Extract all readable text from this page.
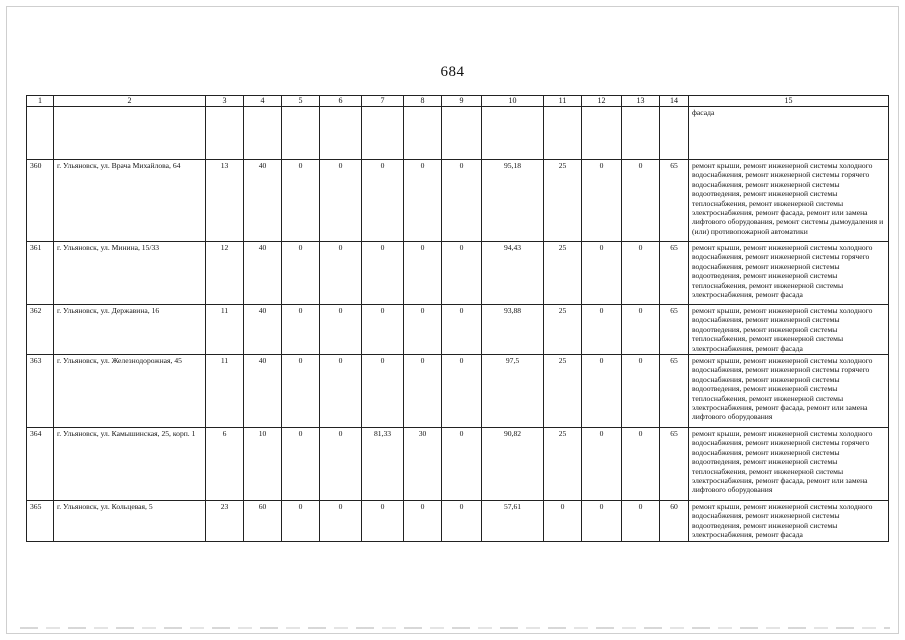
684
1	2	3	4	5	6	7	8	9	10	11	12	13	14	15
														фасада
360	г. Ульяновск, ул. Врача Михайлова, 64	13	40	0	0	0	0	0	95,18	25	0	0	65	ремонт крыши, ремонт инженерной системы холодного водоснабжения, ремонт инженерной системы горячего водоснабжения, ремонт инженерной системы водоотведения, ремонт инженерной системы теплоснабжения, ремонт инженерной системы электроснабжения, ремонт фасада, ремонт или замена лифтового оборудования, ремонт системы дымоудаления и (или) противопожарной автоматики
361	г. Ульяновск, ул. Минина, 15/33	12	40	0	0	0	0	0	94,43	25	0	0	65	ремонт крыши, ремонт инженерной системы холодного водоснабжения, ремонт инженерной системы горячего водоснабжения, ремонт инженерной системы водоотведения, ремонт инженерной системы теплоснабжения, ремонт инженерной системы электроснабжения, ремонт фасада
362	г. Ульяновск, ул. Державина, 16	11	40	0	0	0	0	0	93,88	25	0	0	65	ремонт крыши, ремонт инженерной системы холодного водоснабжения, ремонт инженерной системы водоотведения, ремонт инженерной системы теплоснабжения, ремонт инженерной системы электроснабжения, ремонт фасада
363	г. Ульяновск, ул. Железнодорожная, 45	11	40	0	0	0	0	0	97,5	25	0	0	65	ремонт крыши, ремонт инженерной системы холодного водоснабжения, ремонт инженерной системы горячего водоснабжения, ремонт инженерной системы водоотведения, ремонт инженерной системы теплоснабжения, ремонт инженерной системы электроснабжения, ремонт фасада, ремонт или замена лифтового оборудования
364	г. Ульяновск, ул. Камышинская, 25, корп. 1	6	10	0	0	81,33	30	0	90,82	25	0	0	65	ремонт крыши, ремонт инженерной системы холодного водоснабжения, ремонт инженерной системы горячего водоснабжения, ремонт инженерной системы водоотведения, ремонт инженерной системы теплоснабжения, ремонт инженерной системы электроснабжения, ремонт фасада, ремонт или замена лифтового оборудования
365	г. Ульяновск, ул. Кольцевая, 5	23	60	0	0	0	0	0	57,61	0	0	0	60	ремонт крыши, ремонт инженерной системы холодного водоснабжения, ремонт инженерной системы водоотведения, ремонт инженерной системы электроснабжения, ремонт фасада
